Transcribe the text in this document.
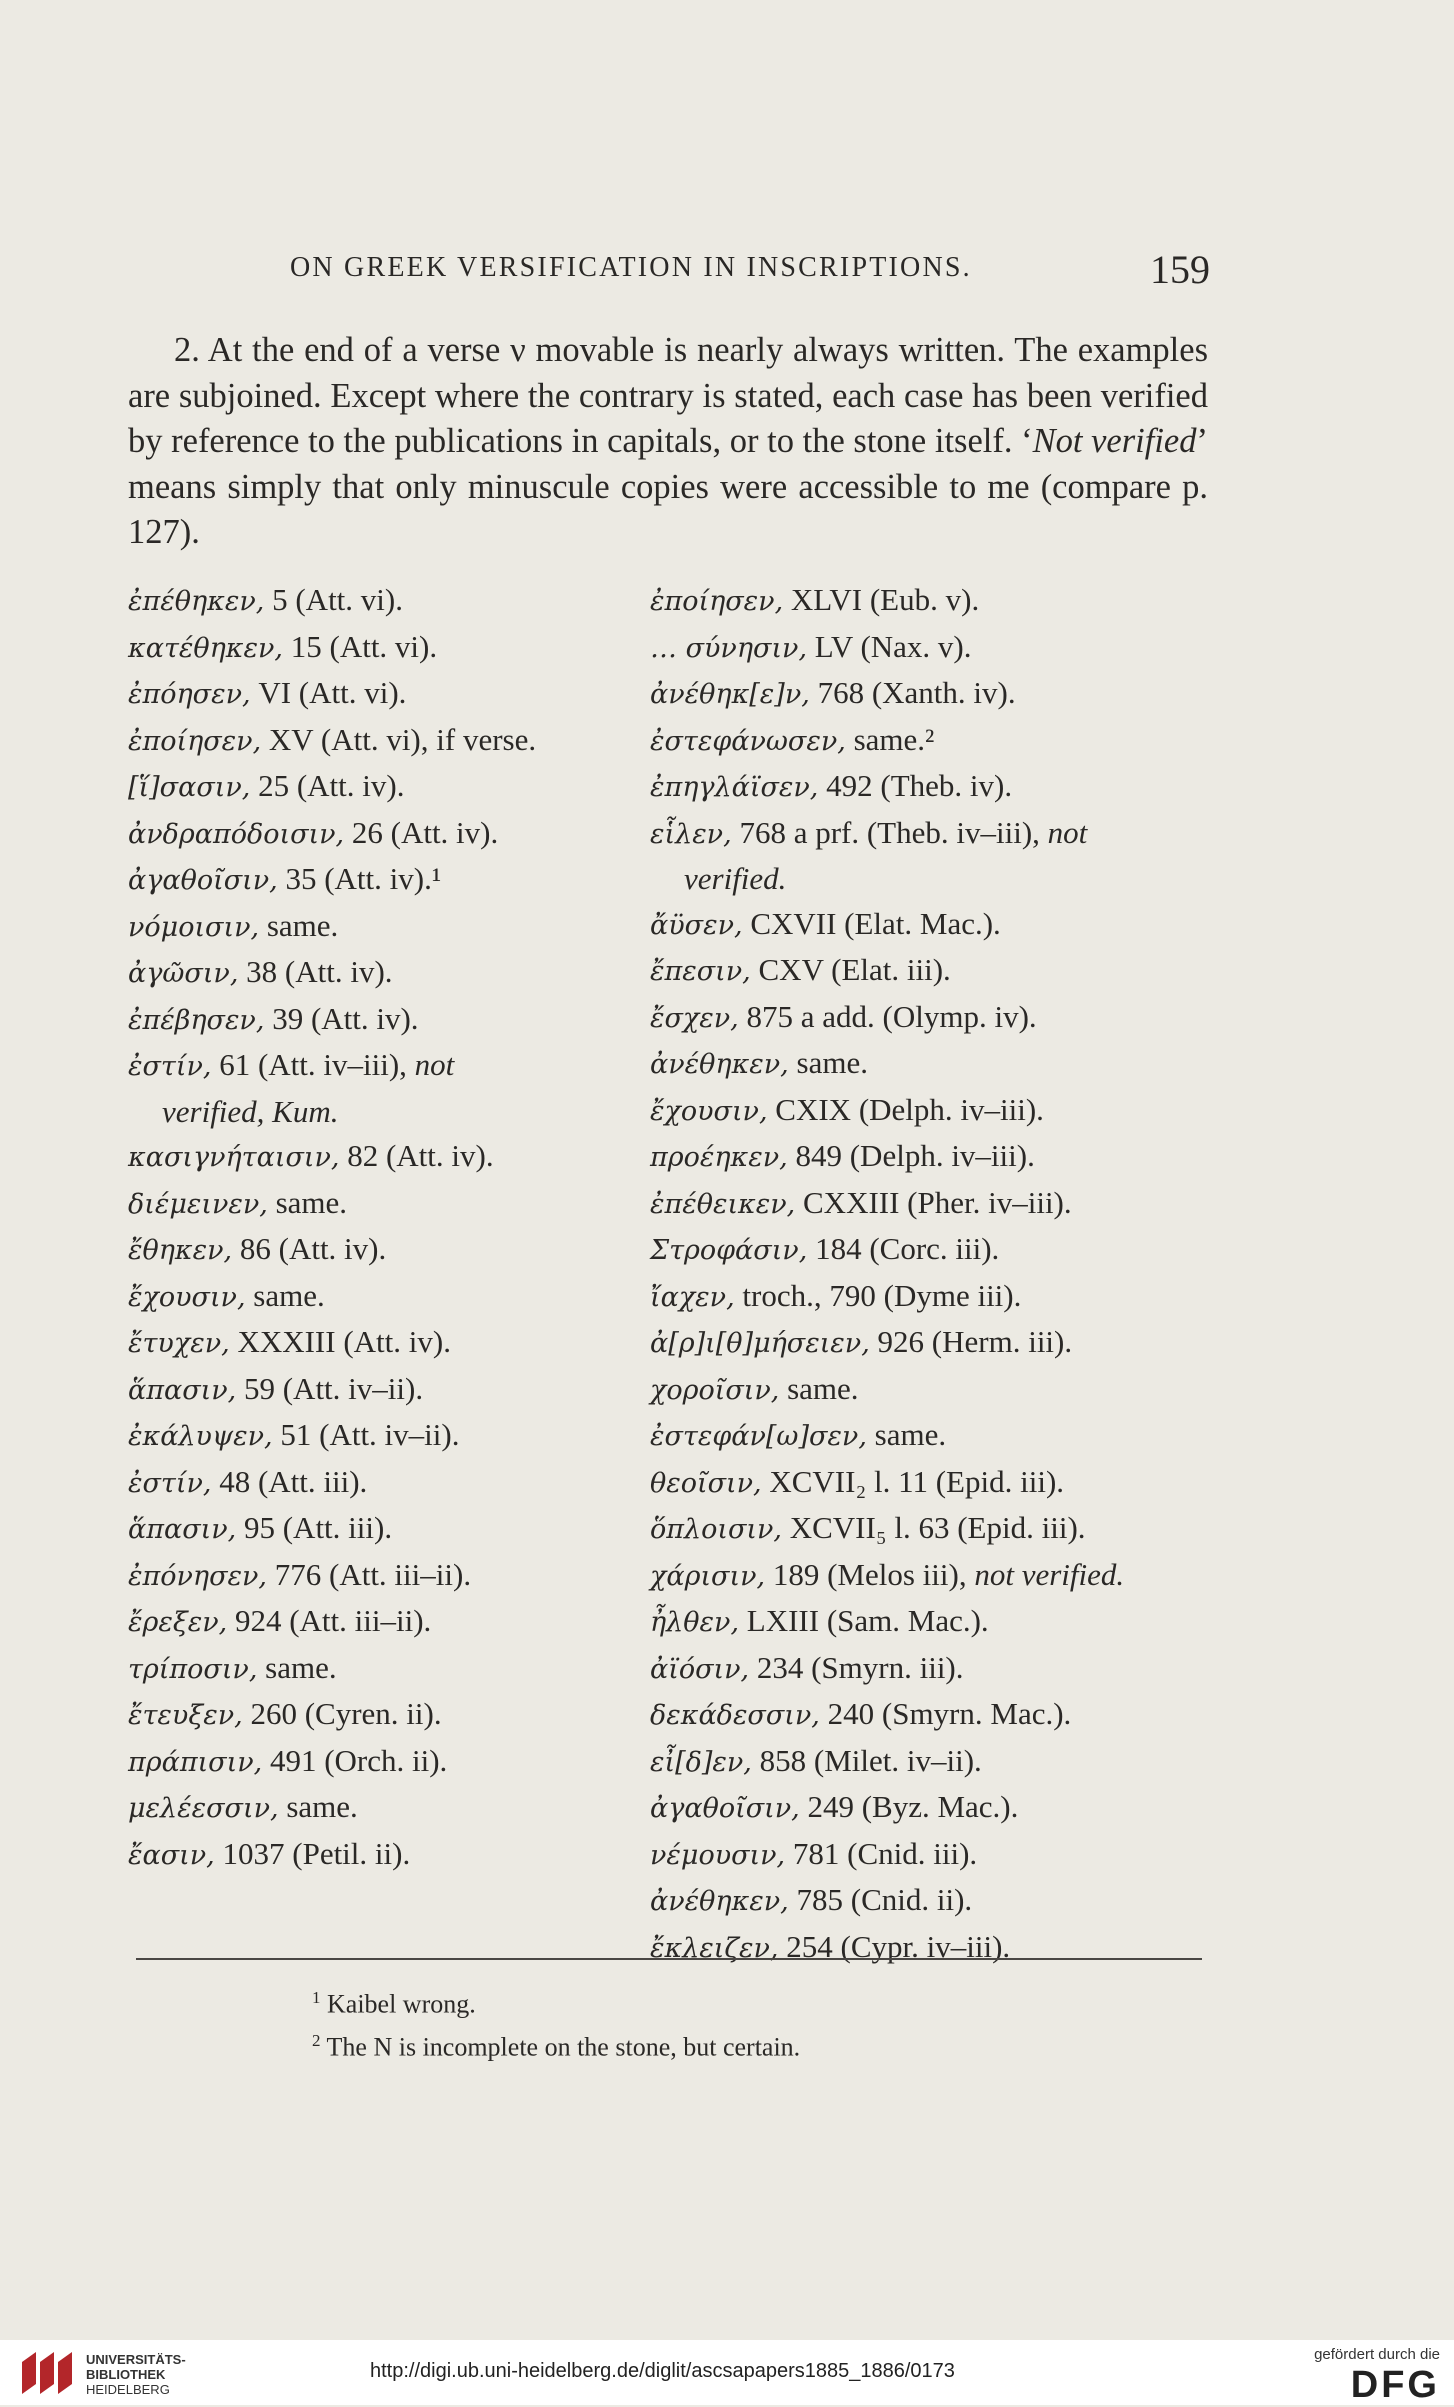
ON GREEK VERSIFICATION IN INSCRIPTIONS.	159

2. At the end of a verse ν movable is nearly always written. The examples are subjoined. Except where the contrary is stated, each case has been verified by reference to the publications in capitals, or to the stone itself. ‘Not verified’ means simply that only minuscule copies were accessible to me (compare p. 127).

ἐπέθηκεν, 5 (Att. vi).
κατέθηκεν, 15 (Att. vi).
ἐπόησεν, VI (Att. vi).
ἐποίησεν, XV (Att. vi), if verse.
[ἵ]σασιν, 25 (Att. iv).
ἀνδραπόδοισιν, 26 (Att. iv).
ἀγαθοῖσιν, 35 (Att. iv).¹
νόμοισιν, same.
ἀγῶσιν, 38 (Att. iv).
ἐπέβησεν, 39 (Att. iv).
ἐστίν, 61 (Att. iv–iii), not
verified, Kum.
κασιγνήταισιν, 82 (Att. iv).
διέμεινεν, same.
ἔθηκεν, 86 (Att. iv).
ἔχουσιν, same.
ἔτυχεν, XXXIII (Att. iv).
ἅπασιν, 59 (Att. iv–ii).
ἐκάλυψεν, 51 (Att. iv–ii).
ἐστίν, 48 (Att. iii).
ἅπασιν, 95 (Att. iii).
ἐπόνησεν, 776 (Att. iii–ii).
ἔρεξεν, 924 (Att. iii–ii).
τρίποσιν, same.
ἔτευξεν, 260 (Cyren. ii).
πράπισιν, 491 (Orch. ii).
μελέεσσιν, same.
ἔασιν, 1037 (Petil. ii).
ἐποίησεν, XLVI (Eub. v).
… σύνησιν, LV (Nax. v).
ἀνέθηκ[ε]ν, 768 (Xanth. iv).
ἐστεφάνωσεν, same.²
ἐπηγλάϊσεν, 492 (Theb. iv).
εἷλεν, 768 a prf. (Theb. iv–iii), not
verified.
ἄϋσεν, CXVII (Elat. Mac.).
ἔπεσιν, CXV (Elat. iii).
ἔσχεν, 875 a add. (Olymp. iv).
ἀνέθηκεν, same.
ἔχουσιν, CXIX (Delph. iv–iii).
προέηκεν, 849 (Delph. iv–iii).
ἐπέθεικεν, CXXIII (Pher. iv–iii).
Στροφάσιν, 184 (Corc. iii).
ἴαχεν, troch., 790 (Dyme iii).
ἀ[ρ]ι[θ]μήσειεν, 926 (Herm. iii).
χοροῖσιν, same.
ἐστεφάν[ω]σεν, same.
θεοῖσιν, XCVII₂ l. 11 (Epid. iii).
ὅπλοισιν, XCVII₅ l. 63 (Epid. iii).
χάρισιν, 189 (Melos iii), not verified.
ἦλθεν, LXIII (Sam. Mac.).
ἀϊόσιν, 234 (Smyrn. iii).
δεκάδεσσιν, 240 (Smyrn. Mac.).
εἶ[δ]εν, 858 (Milet. iv–ii).
ἀγαθοῖσιν, 249 (Byz. Mac.).
νέμουσιν, 781 (Cnid. iii).
ἀνέθηκεν, 785 (Cnid. ii).
ἔκλειζεν, 254 (Cypr. iv–iii).
$^1$ Kaibel wrong.
$^2$ The N is incomplete on the stone, but certain.
UNIVERSITÄTS-
BIBLIOTHEK
HEIDELBERG
http://digi.ub.uni-heidelberg.de/diglit/ascsapapers1885_1886/0173
gefördert durch die
DFG
